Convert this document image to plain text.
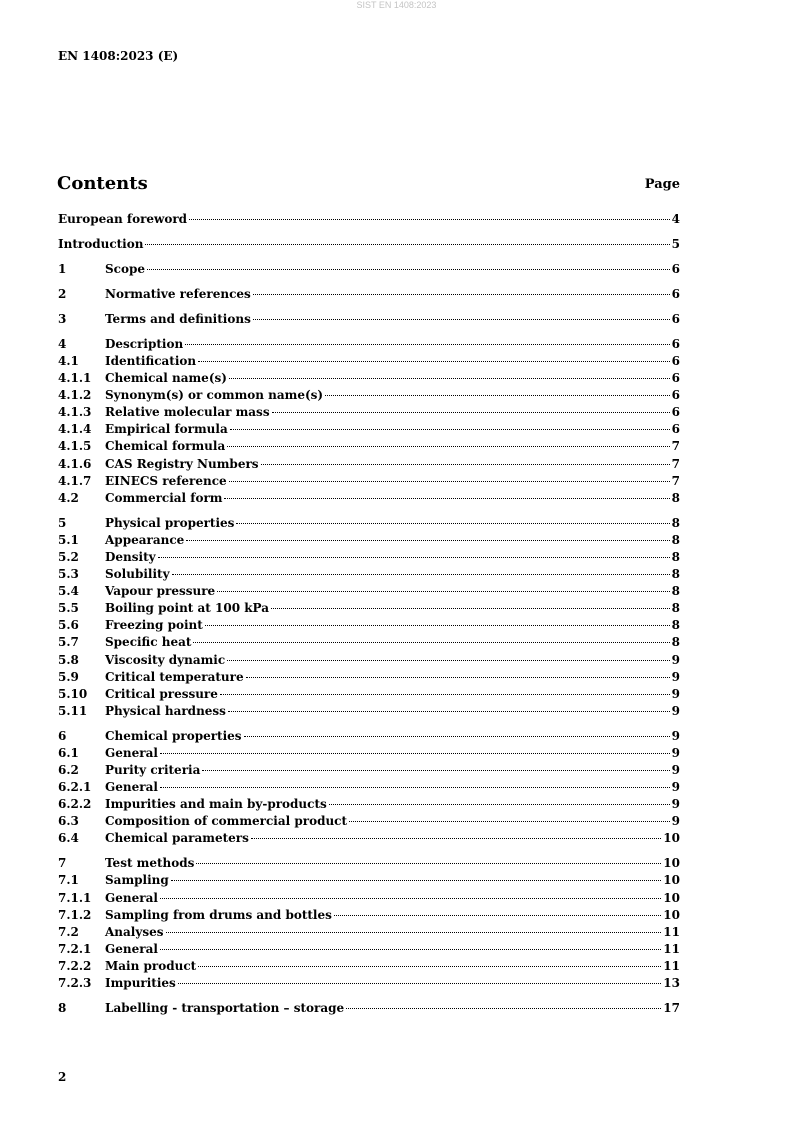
SIST EN 1408:2023
EN 1408:2023 (E)
Contents	Page
European foreword	4
Introduction	5
1	Scope	6
2	Normative references	6
3	Terms and definitions	6
4	Description	6
4.1	Identification	6
4.1.1	Chemical name(s)	6
4.1.2	Synonym(s) or common name(s)	6
4.1.3	Relative molecular mass	6
4.1.4	Empirical formula	6
4.1.5	Chemical formula	7
4.1.6	CAS Registry Numbers	7
4.1.7	EINECS reference	7
4.2	Commercial form	8
5	Physical properties	8
5.1	Appearance	8
5.2	Density	8
5.3	Solubility	8
5.4	Vapour pressure	8
5.5	Boiling point at 100 kPa	8
5.6	Freezing point	8
5.7	Specific heat	8
5.8	Viscosity dynamic	9
5.9	Critical temperature	9
5.10	Critical pressure	9
5.11	Physical hardness	9
6	Chemical properties	9
6.1	General	9
6.2	Purity criteria	9
6.2.1	General	9
6.2.2	Impurities and main by-products	9
6.3	Composition of commercial product	9
6.4	Chemical parameters	10
7	Test methods	10
7.1	Sampling	10
7.1.1	General	10
7.1.2	Sampling from drums and bottles	10
7.2	Analyses	11
7.2.1	General	11
7.2.2	Main product	11
7.2.3	Impurities	13
8	Labelling - transportation – storage	17
2
